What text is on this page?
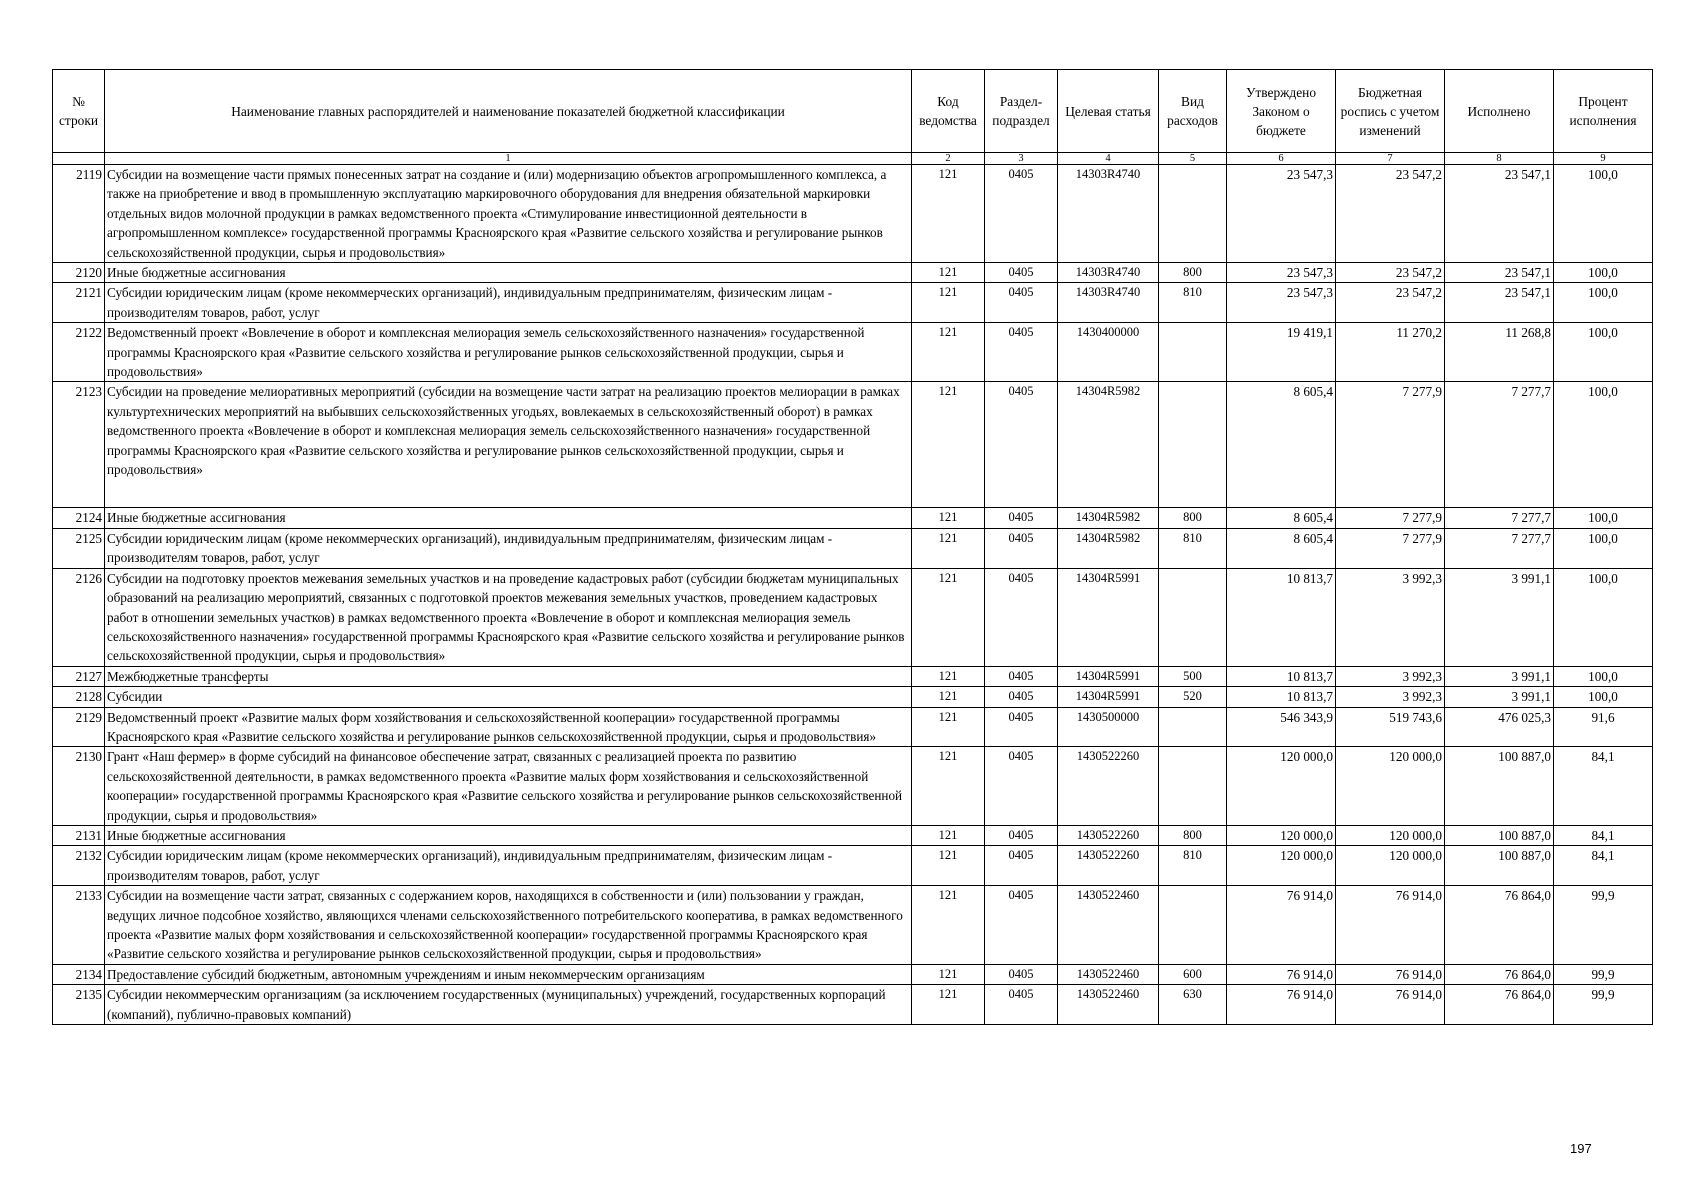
№ строки	Наименование главных распорядителей и наименование показателей бюджетной классификации	Код ведомства	Раздел-подраздел	Целевая статья	Вид расходов	Утверждено Законом о бюджете	Бюджетная роспись с учетом изменений	Исполнено	Процент исполнения
	1	2	3	4	5	6	7	8	9
2119	Субсидии на возмещение части прямых понесенных затрат на создание и (или) модернизацию объектов агропромышленного комплекса, а также на приобретение и ввод в промышленную эксплуатацию маркировочного оборудования для внедрения обязательной маркировки отдельных видов молочной продукции в рамках ведомственного проекта «Стимулирование инвестиционной деятельности в агропромышленном комплексе» государственной программы Красноярского края «Развитие сельского хозяйства и регулирование рынков сельскохозяйственной продукции, сырья и продовольствия»	121	0405	14303R4740		23 547,3	23 547,2	23 547,1	100,0
2120	Иные бюджетные ассигнования	121	0405	14303R4740	800	23 547,3	23 547,2	23 547,1	100,0
2121	Субсидии юридическим лицам (кроме некоммерческих организаций), индивидуальным предпринимателям, физическим лицам - производителям товаров, работ, услуг	121	0405	14303R4740	810	23 547,3	23 547,2	23 547,1	100,0
2122	Ведомственный проект «Вовлечение в оборот и комплексная мелиорация земель сельскохозяйственного назначения» государственной программы Красноярского края «Развитие сельского хозяйства и регулирование рынков сельскохозяйственной продукции, сырья и продовольствия»	121	0405	1430400000		19 419,1	11 270,2	11 268,8	100,0
2123	Субсидии на проведение мелиоративных мероприятий (субсидии на возмещение части затрат на реализацию проектов мелиорации в рамках культуртехнических мероприятий на выбывших сельскохозяйственных угодьях, вовлекаемых в сельскохозяйственный оборот) в рамках ведомственного проекта «Вовлечение в оборот и комплексная мелиорация земель сельскохозяйственного назначения» государственной программы Красноярского края «Развитие сельского хозяйства и регулирование рынков сельскохозяйственной продукции, сырья и продовольствия»	121	0405	14304R5982		8 605,4	7 277,9	7 277,7	100,0
2124	Иные бюджетные ассигнования	121	0405	14304R5982	800	8 605,4	7 277,9	7 277,7	100,0
2125	Субсидии юридическим лицам (кроме некоммерческих организаций), индивидуальным предпринимателям, физическим лицам - производителям товаров, работ, услуг	121	0405	14304R5982	810	8 605,4	7 277,9	7 277,7	100,0
2126	Субсидии на подготовку проектов межевания земельных участков и на проведение кадастровых работ (субсидии бюджетам муниципальных образований на реализацию мероприятий, связанных с подготовкой проектов межевания земельных участков, проведением кадастровых работ в отношении земельных участков) в рамках ведомственного проекта «Вовлечение в оборот и комплексная мелиорация земель сельскохозяйственного назначения» государственной программы Красноярского края «Развитие сельского хозяйства и регулирование рынков сельскохозяйственной продукции, сырья и продовольствия»	121	0405	14304R5991		10 813,7	3 992,3	3 991,1	100,0
2127	Межбюджетные трансферты	121	0405	14304R5991	500	10 813,7	3 992,3	3 991,1	100,0
2128	Субсидии	121	0405	14304R5991	520	10 813,7	3 992,3	3 991,1	100,0
2129	Ведомственный проект «Развитие малых форм хозяйствования и сельскохозяйственной кооперации» государственной программы Красноярского края «Развитие сельского хозяйства и регулирование рынков сельскохозяйственной продукции, сырья и продовольствия»	121	0405	1430500000		546 343,9	519 743,6	476 025,3	91,6
2130	Грант «Наш фермер» в форме субсидий на финансовое обеспечение затрат, связанных с реализацией проекта по развитию сельскохозяйственной деятельности, в рамках ведомственного проекта «Развитие малых форм хозяйствования и сельскохозяйственной кооперации» государственной программы Красноярского края «Развитие сельского хозяйства и регулирование рынков сельскохозяйственной продукции, сырья и продовольствия»	121	0405	1430522260		120 000,0	120 000,0	100 887,0	84,1
2131	Иные бюджетные ассигнования	121	0405	1430522260	800	120 000,0	120 000,0	100 887,0	84,1
2132	Субсидии юридическим лицам (кроме некоммерческих организаций), индивидуальным предпринимателям, физическим лицам - производителям товаров, работ, услуг	121	0405	1430522260	810	120 000,0	120 000,0	100 887,0	84,1
2133	Субсидии на возмещение части затрат, связанных с содержанием коров, находящихся в собственности и (или) пользовании у граждан, ведущих личное подсобное хозяйство, являющихся членами сельскохозяйственного потребительского кооператива, в рамках ведомственного проекта «Развитие малых форм хозяйствования и сельскохозяйственной кооперации» государственной программы Красноярского края «Развитие сельского хозяйства и регулирование рынков сельскохозяйственной продукции, сырья и продовольствия»	121	0405	1430522460		76 914,0	76 914,0	76 864,0	99,9
2134	Предоставление субсидий бюджетным, автономным учреждениям и иным некоммерческим организациям	121	0405	1430522460	600	76 914,0	76 914,0	76 864,0	99,9
2135	Субсидии некоммерческим организациям (за исключением государственных (муниципальных) учреждений, государственных корпораций (компаний), публично-правовых компаний)	121	0405	1430522460	630	76 914,0	76 914,0	76 864,0	99,9
197
